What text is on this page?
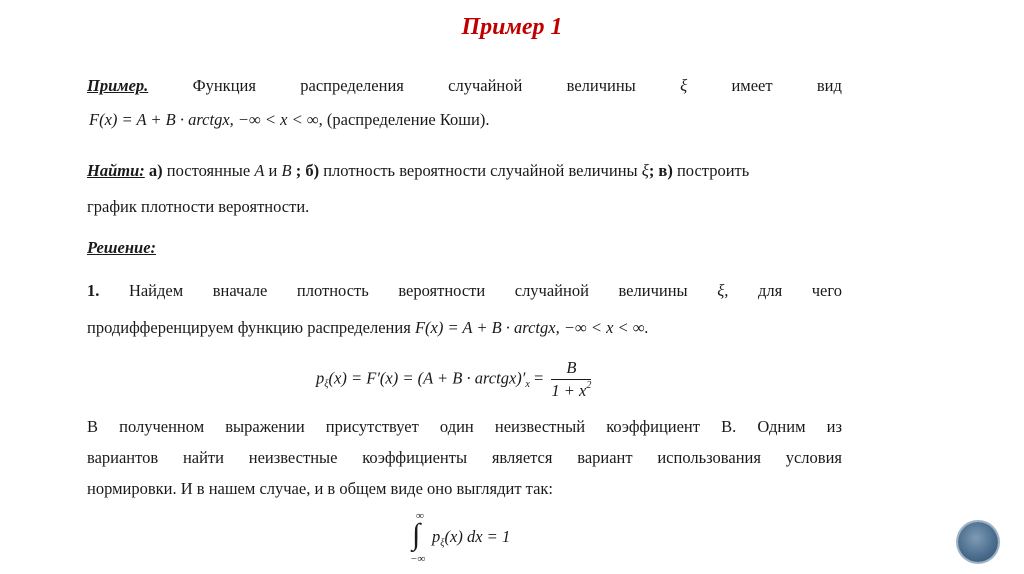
Пример 1
Пример.	Функция	распределения	случайной	величины	ξ	имеет	вид
F(x) = A + B · arctgx, −∞ < x < ∞, (распределение Коши).
Найти: а) постоянные A и B ; б) плотность вероятности случайной величины ξ; в) построить
график плотности вероятности.
Решение:
1. Найдем вначале плотность вероятности случайной величины ξ, для чего
продифференцируем функцию распределения F(x) = A + B · arctgx, −∞ < x < ∞.
$p_\xi(x) = F'(x) = (A + B$ · $arctgx)'_x = \frac{B}{1 + x^2}$
В полученном выражении присутствует один неизвестный коэффициент B. Одним из
вариантов найти неизвестные коэффициенты является вариант использования условия
нормировки. И в нашем случае, и в общем виде оно выглядит так:
∞
∫
−∞
$p_\xi(x)$ dx = 1
